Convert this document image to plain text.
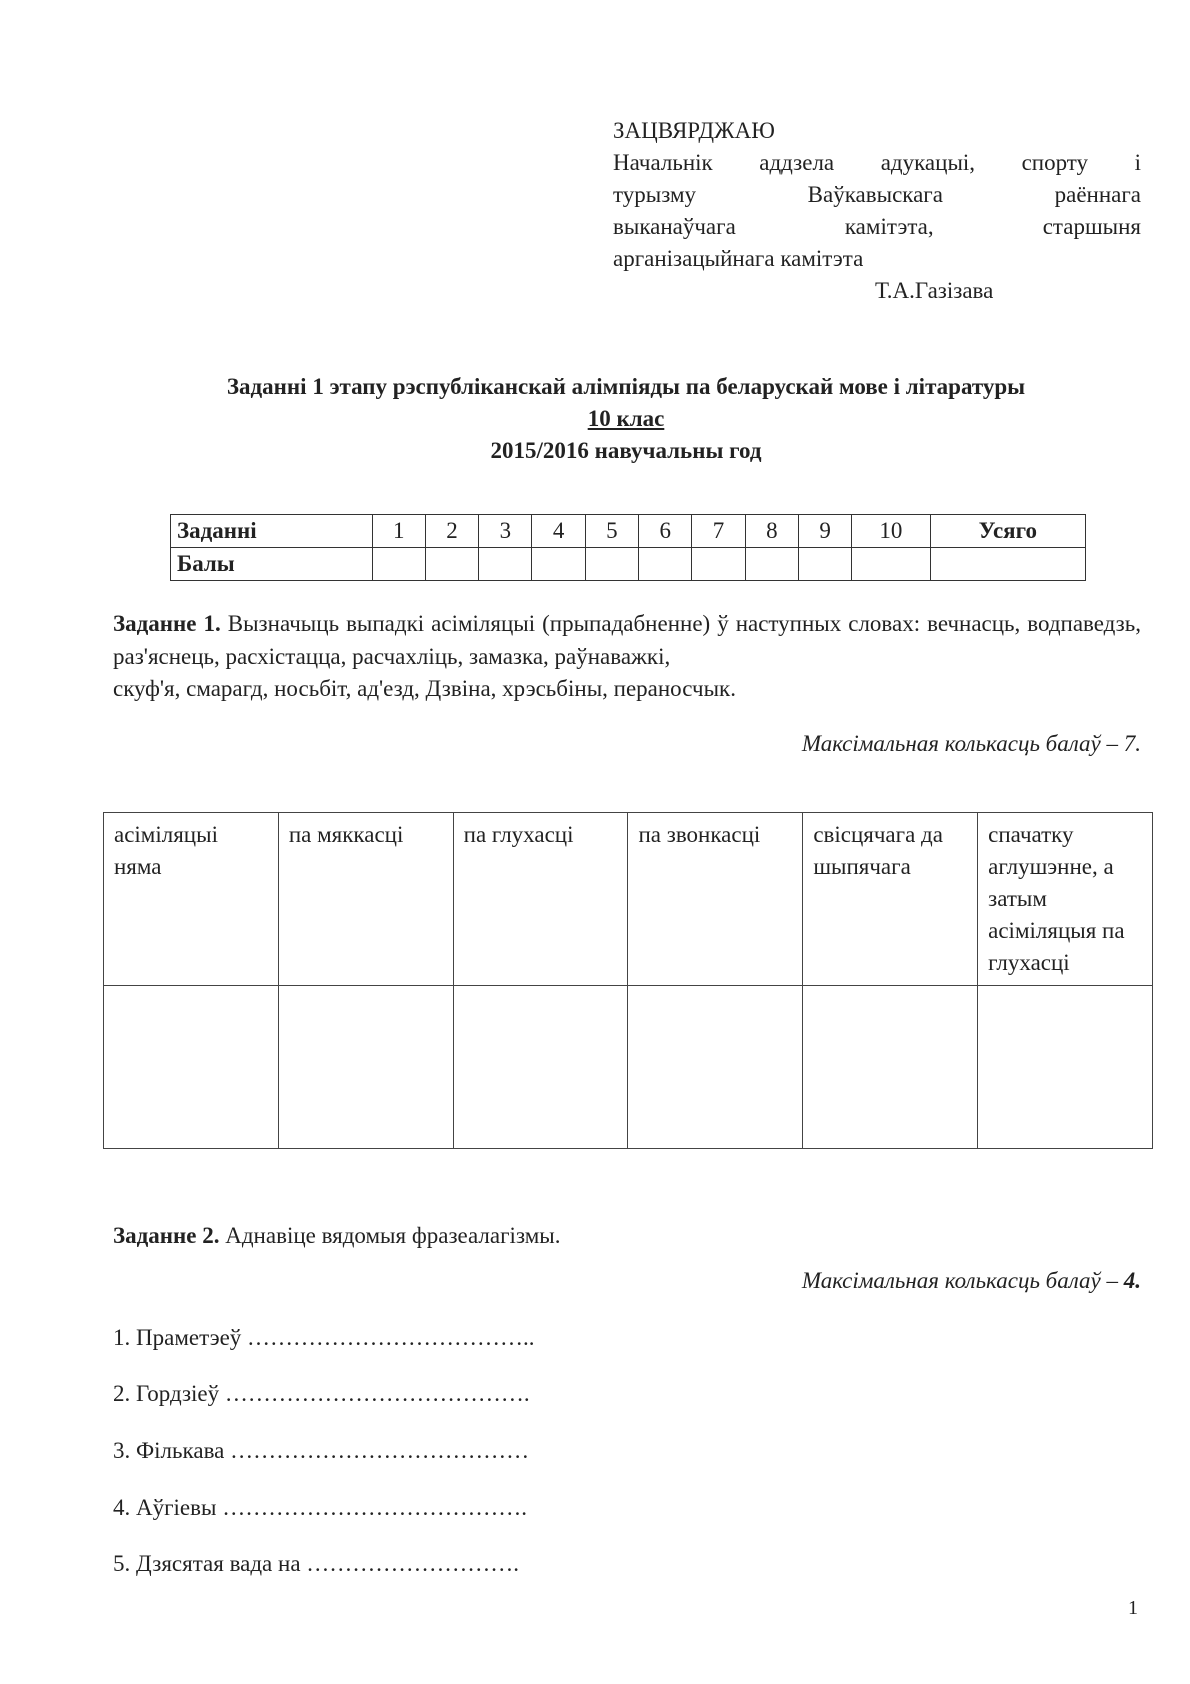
ЗАЦВЯРДЖАЮ
Начальнік аддзела адукацыі, спорту і
турызму Ваўкавыскага раённага
выканаўчага камітэта, старшыня
арганізацыйнага камітэта
Т.А.Газізава
Заданні 1 этапу рэспубліканскай алімпіяды па беларускай мове і літаратуры
10 клас
2015/2016 навучальны год
Заданні	1	2	3	4	5	6	7	8	9	10	Усяго
Балы											
Заданне 1. Вызначыць выпадкі асіміляцыі (прыпадабненне) ў наступных словах: вечнасць, водпаведзь, раз'яснець, расхістацца, расчахліць, замазка, раўнаважкі,
скуф'я, смарагд, носьбіт, ад'езд, Дзвіна, хрэсьбіны, пераносчык.
Максімальная колькасць балаў – 7.
асіміляцыі няма	па мяккасці	па глухасці	па звонкасці	свісцячага да шыпячага	спачатку аглушэнне, а затым асіміляцыя па глухасці

Заданне 2. Аднавіце вядомыя фразеалагізмы.
Максімальная колькасць балаў – 4.
1. Праметэеў ………………………………..
2. Гордзіеў ………………………………….
3. Фількава …………………………………
4. Аўгіевы ………………………………….
5. Дзясятая вада на ……………………….
1
